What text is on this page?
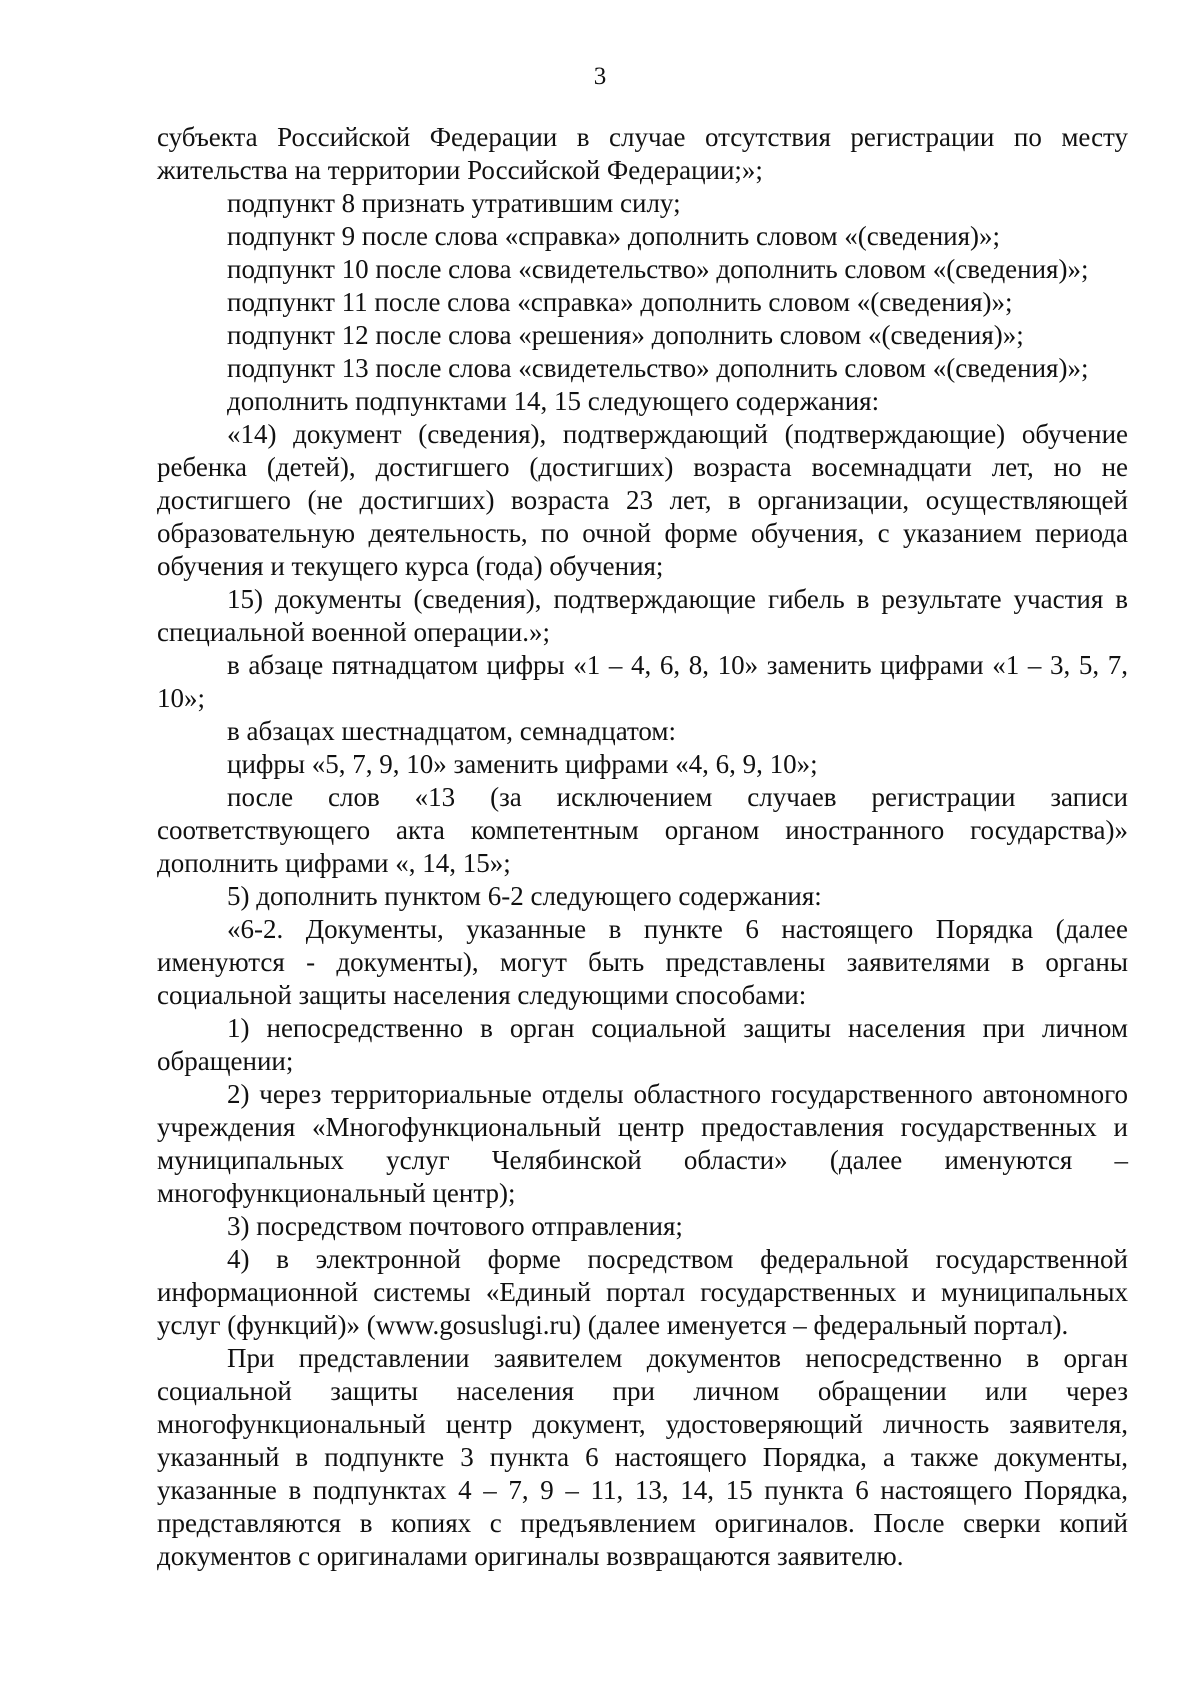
3

субъекта Российской Федерации в случае отсутствия регистрации по месту жительства на территории Российской Федерации;»;

подпункт 8 признать утратившим силу;

подпункт 9 после слова «справка» дополнить словом «(сведения)»;

подпункт 10 после слова «свидетельство» дополнить словом «(сведения)»;

подпункт 11 после слова «справка» дополнить словом «(сведения)»;

подпункт 12 после слова «решения» дополнить словом «(сведения)»;

подпункт 13 после слова «свидетельство» дополнить словом «(сведения)»;

дополнить подпунктами 14, 15 следующего содержания:

«14) документ (сведения), подтверждающий (подтверждающие) обучение ребенка (детей), достигшего (достигших) возраста восемнадцати лет, но не достигшего (не достигших) возраста 23 лет, в организации, осуществляющей образовательную деятельность, по очной форме обучения, с указанием периода обучения и текущего курса (года) обучения;

15) документы (сведения), подтверждающие гибель в результате участия в специальной военной операции.»;

в абзаце пятнадцатом цифры «1 – 4, 6, 8, 10» заменить цифрами «1 – 3, 5, 7, 10»;

в абзацах шестнадцатом, семнадцатом:

цифры «5, 7, 9, 10» заменить цифрами «4, 6, 9, 10»;

после слов «13 (за исключением случаев регистрации записи соответствующего акта компетентным органом иностранного государства)» дополнить цифрами «, 14, 15»;

5) дополнить пунктом 6-2 следующего содержания:

«6-2. Документы, указанные в пункте 6 настоящего Порядка (далее именуются - документы), могут быть представлены заявителями в органы социальной защиты населения следующими способами:

1) непосредственно в орган социальной защиты населения при личном обращении;

2) через территориальные отделы областного государственного автономного учреждения «Многофункциональный центр предоставления государственных и муниципальных услуг Челябинской области» (далее именуются – многофункциональный центр);

3) посредством почтового отправления;

4) в электронной форме посредством федеральной государственной информационной системы «Единый портал государственных и муниципальных услуг (функций)» (www.gosuslugi.ru) (далее именуется – федеральный портал).

При представлении заявителем документов непосредственно в орган социальной защиты населения при личном обращении или через многофункциональный центр документ, удостоверяющий личность заявителя, указанный в подпункте 3 пункта 6 настоящего Порядка, а также документы, указанные в подпунктах 4 – 7, 9 – 11, 13, 14, 15 пункта 6 настоящего Порядка, представляются в копиях с предъявлением оригиналов. После сверки копий документов с оригиналами оригиналы возвращаются заявителю.
